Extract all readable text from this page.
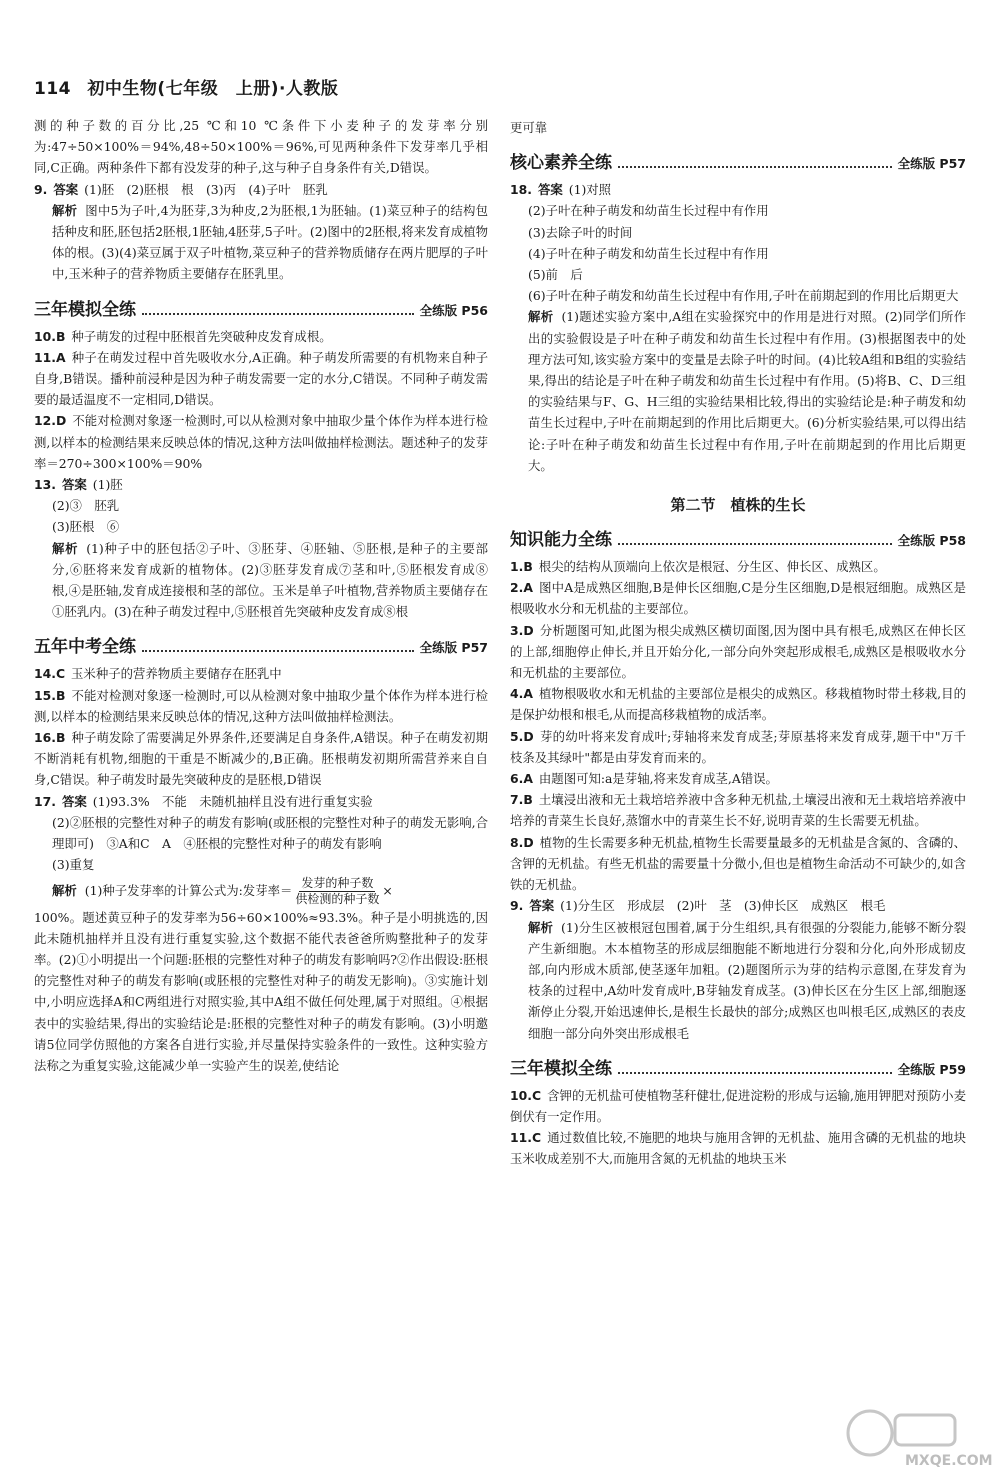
114 初中生物(七年级　上册)·人教版

测的种子数的百分比,25 ℃和10 ℃条件下小麦种子的发芽率分别为:47÷50×100%＝94%,48÷50×100%＝96%,可见两种条件下发芽率几乎相同,C正确。两种条件下都有没发芽的种子,这与种子自身条件有关,D错误。

9. 答案 (1)胚　(2)胚根　根　(3)丙　(4)子叶　胚乳

解析 图中5为子叶,4为胚芽,3为种皮,2为胚根,1为胚轴。(1)菜豆种子的结构包括种皮和胚,胚包括2胚根,1胚轴,4胚芽,5子叶。(2)图中的2胚根,将来发育成植物体的根。(3)(4)菜豆属于双子叶植物,菜豆种子的营养物质储存在两片肥厚的子叶中,玉米种子的营养物质主要储存在胚乳里。

三年模拟全练	全练版 P56

10.B 种子萌发的过程中胚根首先突破种皮发育成根。

11.A 种子在萌发过程中首先吸收水分,A正确。种子萌发所需要的有机物来自种子自身,B错误。播种前浸种是因为种子萌发需要一定的水分,C错误。不同种子萌发需要的最适温度不一定相同,D错误。

12.D 不能对检测对象逐一检测时,可以从检测对象中抽取少量个体作为样本进行检测,以样本的检测结果来反映总体的情况,这种方法叫做抽样检测法。题述种子的发芽率＝270÷300×100%＝90%

13. 答案 (1)胚

(2)③　胚乳

(3)胚根　⑥

解析 (1)种子中的胚包括②子叶、③胚芽、④胚轴、⑤胚根,是种子的主要部分,⑥胚将来发育成新的植物体。(2)③胚芽发育成⑦茎和叶,⑤胚根发育成⑧根,④是胚轴,发育成连接根和茎的部位。玉米是单子叶植物,营养物质主要储存在①胚乳内。(3)在种子萌发过程中,⑤胚根首先突破种皮发育成⑧根

五年中考全练	全练版 P57

14.C 玉米种子的营养物质主要储存在胚乳中

15.B 不能对检测对象逐一检测时,可以从检测对象中抽取少量个体作为样本进行检测,以样本的检测结果来反映总体的情况,这种方法叫做抽样检测法。

16.B 种子萌发除了需要满足外界条件,还要满足自身条件,A错误。种子在萌发初期不断消耗有机物,细胞的干重是不断减少的,B正确。胚根萌发初期所需营养来自自身,C错误。种子萌发时最先突破种皮的是胚根,D错误

17. 答案 (1)93.3%　不能　未随机抽样且没有进行重复实验

(2)②胚根的完整性对种子的萌发有影响(或胚根的完整性对种子的萌发无影响,合理即可)　③A和C　A　④胚根的完整性对种子的萌发有影响

(3)重复

解析 (1)种子发芽率的计算公式为:发芽率＝ $\frac{\text{发芽的种子数}}{\text{供检测的种子数}}$ ×

100%。题述黄豆种子的发芽率为56÷60×100%≈93.3%。种子是小明挑选的,因此未随机抽样并且没有进行重复实验,这个数据不能代表爸爸所购整批种子的发芽率。(2)①小明提出一个问题:胚根的完整性对种子的萌发有影响吗?②作出假设:胚根的完整性对种子的萌发有影响(或胚根的完整性对种子的萌发无影响)。③实施计划中,小明应选择A和C两组进行对照实验,其中A组不做任何处理,属于对照组。④根据表中的实验结果,得出的实验结论是:胚根的完整性对种子的萌发有影响。(3)小明邀请5位同学仿照他的方案各自进行实验,并尽量保持实验条件的一致性。这种实验方法称之为重复实验,这能减少单一实验产生的误差,使结论

更可靠

核心素养全练	全练版 P57

18. 答案 (1)对照

(2)子叶在种子萌发和幼苗生长过程中有作用

(3)去除子叶的时间

(4)子叶在种子萌发和幼苗生长过程中有作用

(5)前　后

(6)子叶在种子萌发和幼苗生长过程中有作用,子叶在前期起到的作用比后期更大

解析 (1)题述实验方案中,A组在实验探究中的作用是进行对照。(2)同学们所作出的实验假设是子叶在种子萌发和幼苗生长过程中有作用。(3)根据图表中的处理方法可知,该实验方案中的变量是去除子叶的时间。(4)比较A组和B组的实验结果,得出的结论是子叶在种子萌发和幼苗生长过程中有作用。(5)将B、C、D三组的实验结果与F、G、H三组的实验结果相比较,得出的实验结论是:种子萌发和幼苗生长过程中,子叶在前期起到的作用比后期更大。(6)分析实验结果,可以得出结论:子叶在种子萌发和幼苗生长过程中有作用,子叶在前期起到的作用比后期更大。

第二节　植株的生长
知识能力全练	全练版 P58

1.B 根尖的结构从顶端向上依次是根冠、分生区、伸长区、成熟区。

2.A 图中A是成熟区细胞,B是伸长区细胞,C是分生区细胞,D是根冠细胞。成熟区是根吸收水分和无机盐的主要部位。

3.D 分析题图可知,此图为根尖成熟区横切面图,因为图中具有根毛,成熟区在伸长区的上部,细胞停止伸长,并且开始分化,一部分向外突起形成根毛,成熟区是根吸收水分和无机盐的主要部位。

4.A 植物根吸收水和无机盐的主要部位是根尖的成熟区。移栽植物时带土移栽,目的是保护幼根和根毛,从而提高移栽植物的成活率。

5.D 芽的幼叶将来发育成叶;芽轴将来发育成茎;芽原基将来发育成芽,题干中"万千枝条及其绿叶"都是由芽发育而来的。

6.A 由题图可知:a是芽轴,将来发育成茎,A错误。

7.B 土壤浸出液和无土栽培培养液中含多种无机盐,土壤浸出液和无土栽培培养液中培养的青菜生长良好,蒸馏水中的青菜生长不好,说明青菜的生长需要无机盐。

8.D 植物的生长需要多种无机盐,植物生长需要量最多的无机盐是含氮的、含磷的、含钾的无机盐。有些无机盐的需要量十分微小,但也是植物生命活动不可缺少的,如含铁的无机盐。

9. 答案 (1)分生区　形成层　(2)叶　茎　(3)伸长区　成熟区　根毛

解析 (1)分生区被根冠包围着,属于分生组织,具有很强的分裂能力,能够不断分裂产生新细胞。木本植物茎的形成层细胞能不断地进行分裂和分化,向外形成韧皮部,向内形成木质部,使茎逐年加粗。(2)题图所示为芽的结构示意图,在芽发育为枝条的过程中,A幼叶发育成叶,B芽轴发育成茎。(3)伸长区在分生区上部,细胞逐渐停止分裂,开始迅速伸长,是根生长最快的部分;成熟区也叫根毛区,成熟区的表皮细胞一部分向外突出形成根毛

三年模拟全练	全练版 P59

10.C 含钾的无机盐可使植物茎秆健壮,促进淀粉的形成与运输,施用钾肥对预防小麦倒伏有一定作用。

11.C 通过数值比较,不施肥的地块与施用含钾的无机盐、施用含磷的无机盐的地块玉米收成差别不大,而施用含氮的无机盐的地块玉米

MXQE.COM
